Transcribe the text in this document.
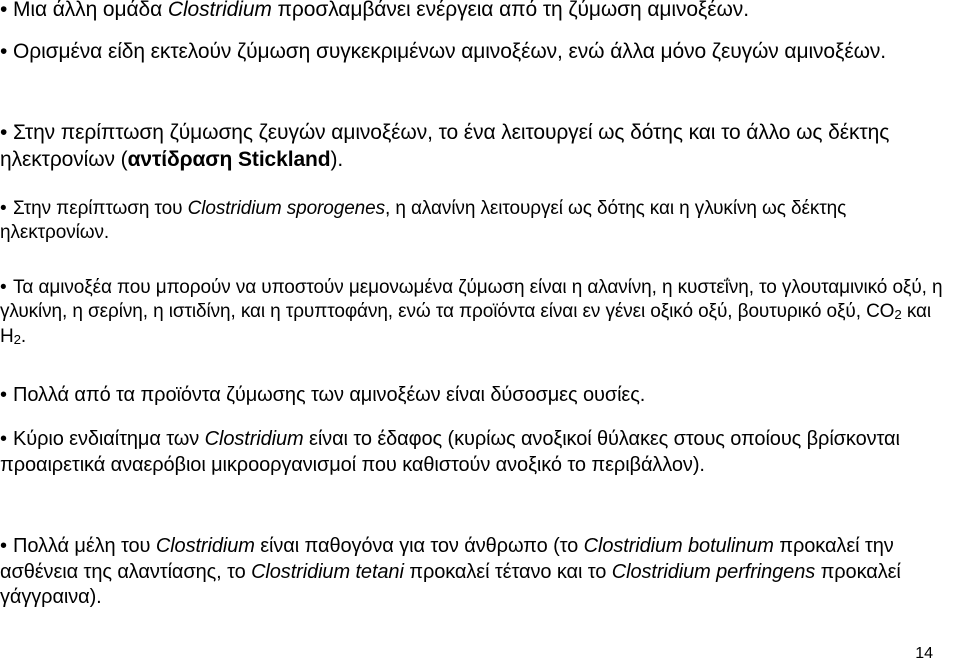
• Μια άλλη ομάδα Clostridium προσλαμβάνει ενέργεια από τη ζύμωση αμινοξέων.
• Ορισμένα είδη εκτελούν ζύμωση συγκεκριμένων αμινοξέων, ενώ άλλα μόνο ζευγών αμινοξέων.
• Στην περίπτωση ζύμωσης ζευγών αμινοξέων, το ένα λειτουργεί ως δότης και το άλλο ως δέκτης ηλεκτρονίων (αντίδραση Stickland).
• Στην περίπτωση του Clostridium sporogenes, η αλανίνη λειτουργεί ως δότης και η γλυκίνη ως δέκτης ηλεκτρονίων.
• Τα αμινοξέα που μπορούν να υποστούν μεμονωμένα ζύμωση είναι η αλανίνη, η κυστεΐνη, το γλουταμινικό οξύ, η γλυκίνη, η σερίνη, η ιστιδίνη, και η τρυπτοφάνη, ενώ τα προϊόντα είναι εν γένει οξικό οξύ, βουτυρικό οξύ, $CO_2$ και $H_2$.
• Πολλά από τα προϊόντα ζύμωσης των αμινοξέων είναι δύσοσμες ουσίες.
• Κύριο ενδιαίτημα των Clostridium είναι το έδαφος (κυρίως ανοξικοί θύλακες στους οποίους βρίσκονται προαιρετικά αναερόβιοι μικροοργανισμοί που καθιστούν ανοξικό το περιβάλλον).
• Πολλά μέλη του Clostridium είναι παθογόνα για τον άνθρωπο (το Clostridium botulinum προκαλεί την ασθένεια της αλαντίασης, το Clostridium tetani προκαλεί τέτανο και το Clostridium perfringens προκαλεί γάγγραινα).
14
